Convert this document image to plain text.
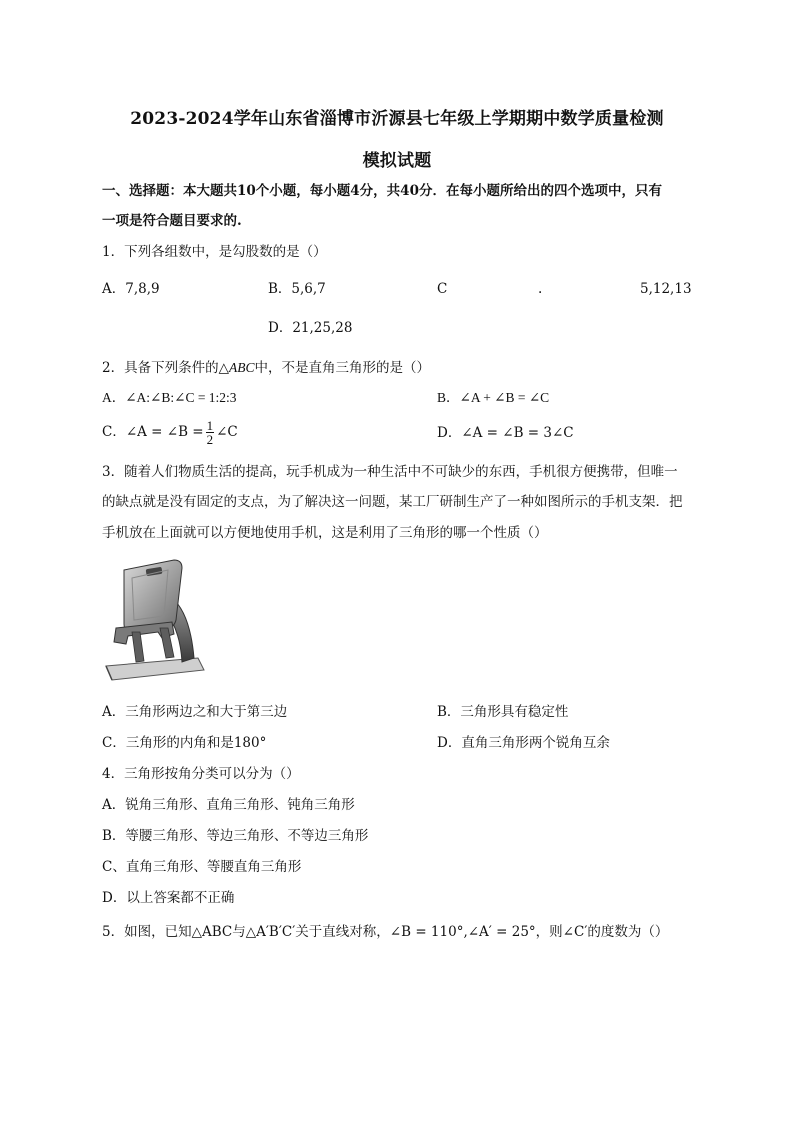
2023-2024学年山东省淄博市沂源县七年级上学期期中数学质量检测
模拟试题
一、选择题：本大题共10个小题，每小题4分，共40分．在每小题所给出的四个选项中，只有
一项是符合题目要求的.
1．下列各组数中，是勾股数的是（）
A．7,8,9	B．5,6,7	C	.	5,12,13
D．21,25,28
2．具备下列条件的△ABC中，不是直角三角形的是（）
A．∠A:∠B:∠C = 1:2:3	B．∠A + ∠B = ∠C
C．∠A = ∠B = $\frac{1}{2}$ ∠C	D．∠A = ∠B = 3∠C
3．随着人们物质生活的提高，玩手机成为一种生活中不可缺少的东西，手机很方便携带，但唯一
的缺点就是没有固定的支点，为了解决这一问题，某工厂研制生产了一种如图所示的手机支架．把
手机放在上面就可以方便地使用手机，这是利用了三角形的哪一个性质（）
A．三角形两边之和大于第三边	B．三角形具有稳定性
C．三角形的内角和是180°	D．直角三角形两个锐角互余
4．三角形按角分类可以分为（）
A．锐角三角形、直角三角形、钝角三角形
B．等腰三角形、等边三角形、不等边三角形
C、直角三角形、等腰直角三角形
D．以上答案都不正确
5．如图，已知△ABC与△A′B′C′关于直线对称，∠B = 110°,∠A′ = 25°，则∠C′的度数为（）
